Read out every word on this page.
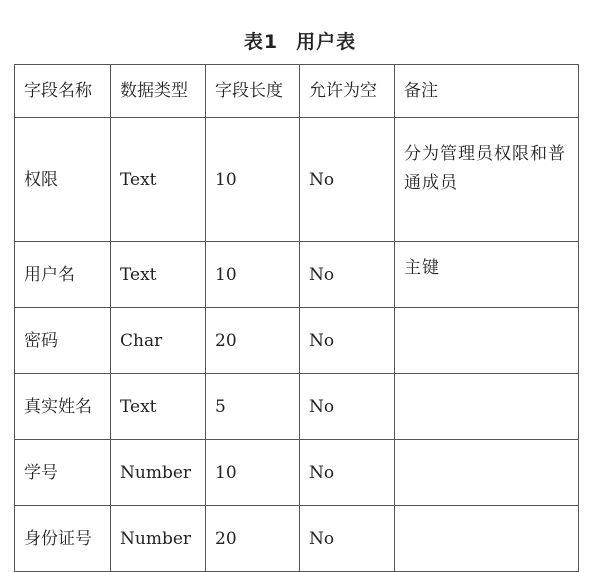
表1 用户表
字段名称	数据类型	字段长度	允许为空	备注
权限	Text	10	No	分为管理员权限和普通成员
用户名	Text	10	No	主键
密码	Char	20	No	
真实姓名	Text	5	No	
学号	Number	10	No	
身份证号	Number	20	No	
